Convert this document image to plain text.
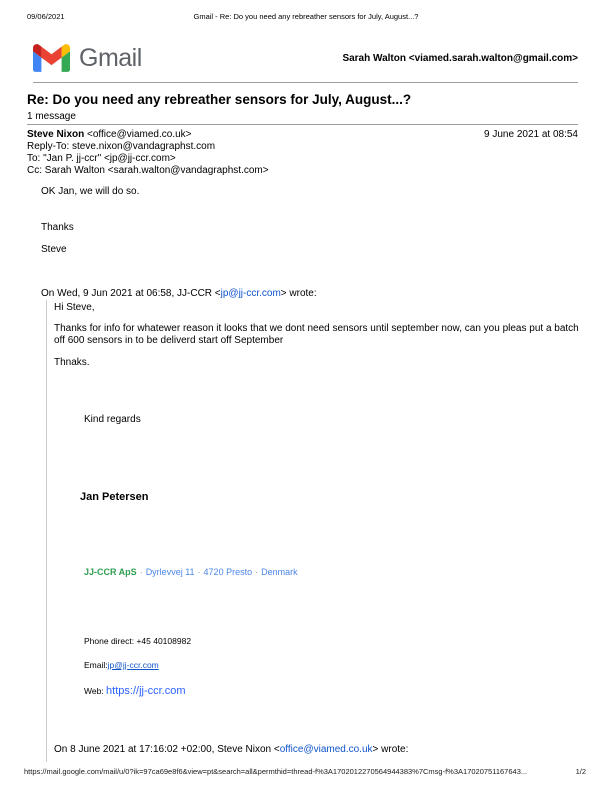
09/06/2021	Gmail - Re: Do you need any rebreather sensors for July, August...?
Gmail	Sarah Walton <viamed.sarah.walton@gmail.com>
Re: Do you need any rebreather sensors for July, August...?
1 message
Steve Nixon <office@viamed.co.uk>
Reply-To: steve.nixon@vandagraphst.com
To: "Jan P. jj-ccr" <jp@jj-ccr.com>
Cc: Sarah Walton <sarah.walton@vandagraphst.com>
9 June 2021 at 08:54
OK Jan, we will do so.
Thanks
Steve
On Wed, 9 Jun 2021 at 06:58, JJ-CCR <jp@jj-ccr.com> wrote:
Hi Steve,
Thanks for info for whatewer reason it looks that we dont need sensors until september now, can you pleas put a batch off 600 sensors in to be deliverd start off September
Thnaks.
Kind regards
Jan Petersen
JJ-CCR ApS · Dyrlevvej 11 · 4720 Presto · Denmark
Phone direct: +45 40108982
Email:jp@jj-ccr.com
Web: https://jj-ccr.com
On 8 June 2021 at 17:16:02 +02:00, Steve Nixon <office@viamed.co.uk> wrote:
https://mail.google.com/mail/u/0?ik=97ca69e8f6&view=pt&search=all&permthid=thread-f%3A1702012270564944383%7Cmsg-f%3A17020751167643...	1/2
